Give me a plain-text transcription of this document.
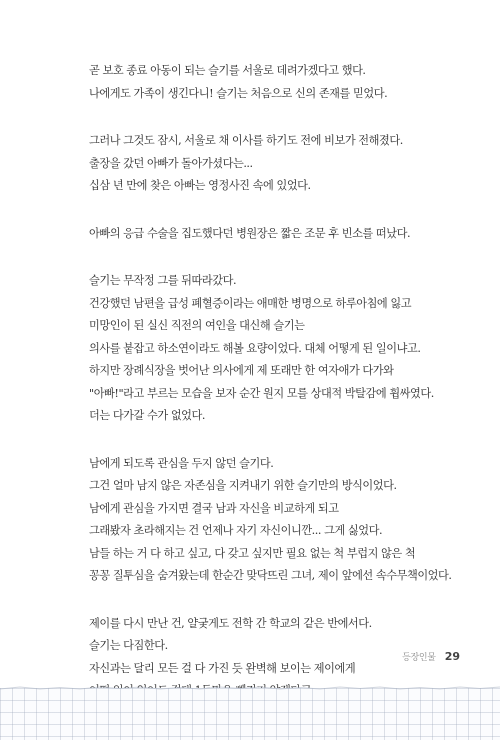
곧 보호 종료 아동이 되는 슬기를 서울로 데려가겠다고 했다.
나에게도 가족이 생긴다니! 슬기는 처음으로 신의 존재를 믿었다.
그러나 그것도 잠시, 서울로 채 이사를 하기도 전에 비보가 전해졌다.
출장을 갔던 아빠가 돌아가셨다는...
십삼 년 만에 찾은 아빠는 영정사진 속에 있었다.
아빠의 응급 수술을 집도했다던 병원장은 짧은 조문 후 빈소를 떠났다.
슬기는 무작정 그를 뒤따라갔다.
건강했던 남편을 급성 폐혈증이라는 애매한 병명으로 하루아침에 잃고
미망인이 된 실신 직전의 여인을 대신해 슬기는
의사를 붙잡고 하소연이라도 해볼 요량이었다. 대체 어떻게 된 일이냐고.
하지만 장례식장을 벗어난 의사에게 제 또래만 한 여자애가 다가와
"아빠!"라고 부르는 모습을 보자 순간 원지 모를 상대적 박탈감에 휩싸였다.
더는 다가갈 수가 없었다.
남에게 되도록 관심을 두지 않던 슬기다.
그건 얼마 남지 않은 자존심을 지켜내기 위한 슬기만의 방식이었다.
남에게 관심을 가지면 결국 남과 자신을 비교하게 되고
그래봤자 초라해지는 건 언제나 자기 자신이니깐... 그게 싫었다.
남들 하는 거 다 하고 싶고, 다 갖고 싶지만 필요 없는 척 부럽지 않은 척
꽁꽁 질투심을 숨겨왔는데 한순간 맞닥뜨린 그녀, 제이 앞에선 속수무책이었다.
제이를 다시 만난 건, 얄궂게도 전학 간 학교의 같은 반에서다.
슬기는 다짐한다.
자신과는 달리 모든 걸 다 가진 듯 완벽해 보이는 제이에게
등장인물 29
